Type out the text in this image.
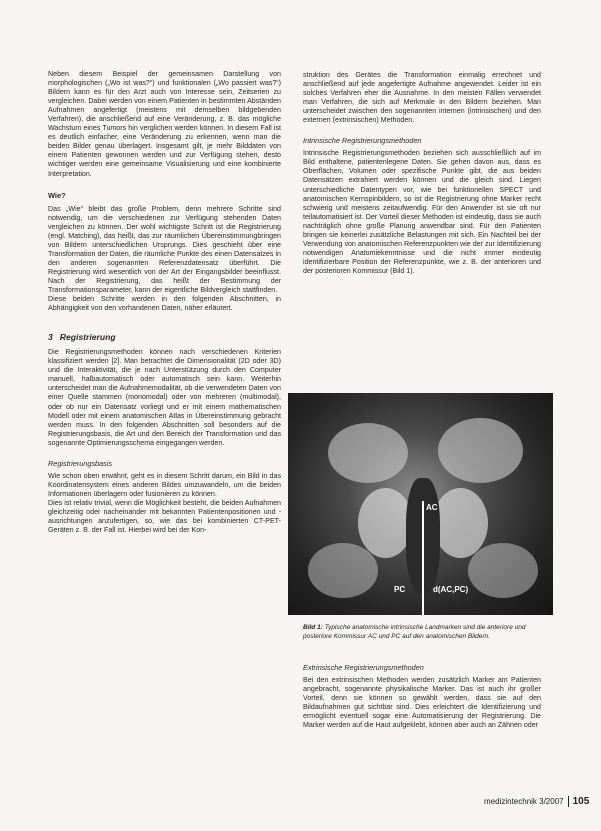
Neben diesem Beispiel der gemeinsamen Darstellung von morphologischen („Wo ist was?“) und funktionalen („Wo passiert was?“) Bildern kann es für den Arzt auch von Interesse sein, Zeitserien zu vergleichen. Dabei werden von einem Patienten in bestimmten Abständen Aufnahmen angefertigt (meistens mit demselben bildgebenden Verfahren), die anschließend auf eine Veränderung, z. B. das mögliche Wachstum eines Tumors hin verglichen werden können. In diesem Fall ist es deutlich einfacher, eine Veränderung zu erkennen, wenn man die beiden Bilder genau überlagert. Insgesamt gilt, je mehr Bilddaten von einem Patienten gewonnen werden und zur Verfügung stehen, desto wichtiger werden eine gemeinsame Visualisierung und eine kombinierte Interpretation.

Wie?

Das „Wie“ bleibt das große Problem, denn mehrere Schritte sind notwendig, um die verschiedenen zur Verfügung stehenden Daten vergleichen zu können. Der wohl wichtigste Schritt ist die Registrierung (engl. Matching), das heißt, das zur räumlichen Übereinstimmungbringen von Bildern unterschiedlichen Ursprungs. Dies geschieht über eine Transformation der Daten, die räumliche Punkte des einen Datensatzes in den anderen sogenannten Referenzdatensatz überführt. Die Registrierung wird wesentlich von der Art der Eingangsbilder beeinflusst. Nach der Registrierung, das heißt der Bestimmung der Transformationsparameter, kann der eigentliche Bildvergleich stattfinden.

Diese beiden Schritte werden in den folgenden Abschnitten, in Abhängigkeit von den vorhandenen Daten, näher erläutert.

3 Registrierung

Die Registrierungsmethoden können nach verschiedenen Kriterien klassifiziert werden [2]. Man betrachtet die Dimensionalität (2D oder 3D) und die Interaktivität, die je nach Unterstützung durch den Computer manuell, halbautomatisch oder automatisch sein kann. Weiterhin unterscheidet man die Aufnahmemodalität, ob die verwendeten Daten von einer Quelle stammen (monomodal) oder von mehreren (multimodal), oder ob nur ein Datensatz vorliegt und er mit einem mathematischen Modell oder mit einem anatomischen Atlas in Übereinstimmung gebracht werden muss. In den folgenden Abschnitten soll besonders auf die Registrierungsbasis, die Art und den Bereich der Transformation und das sogenannte Optimierungsschema eingegangen werden.

Registrierungsbasis

Wie schon oben erwähnt, geht es in diesem Schritt darum, ein Bild in das Koordinatensystem eines anderen Bildes umzuwandeln, um die beiden Informationen überlagern oder fusionieren zu können.

Dies ist relativ trivial, wenn die Möglichkeit besteht, die beiden Aufnahmen gleichzeitig oder nacheinander mit bekannten Patientenpositionen und -ausrichtungen anzufertigen, so, wie das bei kombinierten CT-PET-Geräten z. B. der Fall ist. Hierbei wird bei der Kon-

struktion des Gerätes die Transformation einmalig errechnet und anschließend auf jede angefertigte Aufnahme angewendet. Leider ist ein solches Verfahren eher die Ausnahme. In den meisten Fällen verwendet man Verfahren, die sich auf Merkmale in den Bildern beziehen. Man unterscheidet zwischen den sogenannten internen (intrinsischen) und den externen (extrinsischen) Methoden.

Intrinsische Registrierungsmethoden

Intrinsische Registrierungsmethoden beziehen sich ausschließlich auf im Bild enthaltene, patientenlegene Daten. Sie gehen davon aus, dass es Oberflächen, Volumen oder spezifische Punkte gibt, die aus beiden Datensätzen extrahiert werden können und die gleich sind. Liegen unterschiedliche Datentypen vor, wie bei funktionellen SPECT und anatomischen Kernspinbildern, so ist die Registrierung ohne Marker recht schwierig und meistens zeitaufwendig. Für den Anwender ist sie oft nur teilautomatisiert ist. Der Vorteil dieser Methoden ist eindeutig, dass sie auch nachträglich ohne große Planung anwendbar sind. Für den Patienten bringen sie keinerlei zusätzliche Belastungen mit sich. Ein Nachteil bei der Verwendung von anatomischen Referenzpunkten wie der zur Identifizierung notwendigen Anatomiekenntnisse und die nicht immer eindeutig identifizierbare Position der Referenzpunkte, wie z. B. der anterioren und der posterioren Kommissur (Bild 1).

AC
PC	d(AC,PC)
Bild 1: Typische anatomische intrinsische Landmarken sind die anteriore und posteriore Kommissur AC und PC auf den anatomischen Bildern.
Extrinsische Registrierungsmethoden

Bei den extrinsischen Methoden werden zusätzlich Marker am Patienten angebracht, sogenannte physikalische Marker. Das ist auch ihr großer Vorteil, denn sie können so gewählt werden, dass sie auf den Bildaufnahmen gut sichtbar sind. Dies erleichtert die Identifizierung und ermöglicht eventuell sogar eine Automatisierung der Registrierung. Die Marker werden auf die Haut aufgeklebt, können aber auch an Zähnen oder

medizintechnik 3/2007 105
